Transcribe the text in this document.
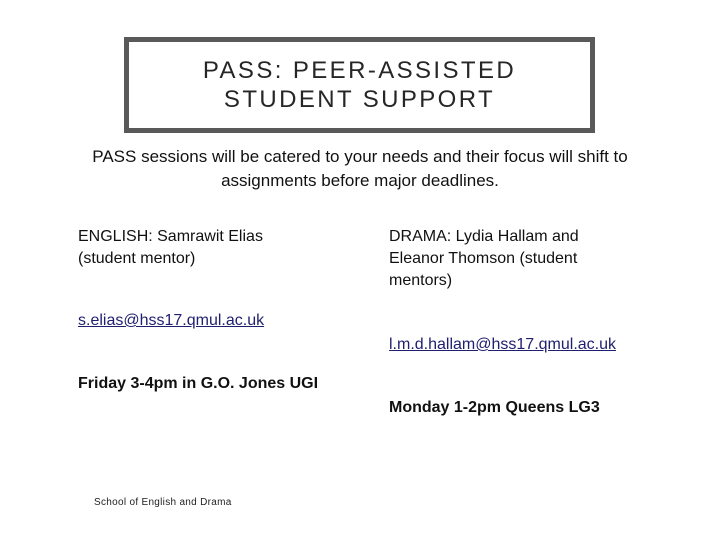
PASS: PEER-ASSISTED
STUDENT SUPPORT
PASS sessions will be catered to your needs and their focus will shift to
assignments before major deadlines.
ENGLISH: Samrawit Elias
(student mentor)
s.elias@hss17.qmul.ac.uk
Friday 3-4pm in G.O. Jones UGI
DRAMA: Lydia Hallam and
Eleanor Thomson (student
mentors)
l.m.d.hallam@hss17.qmul.ac.uk
Monday 1-2pm Queens LG3
School of English and Drama
